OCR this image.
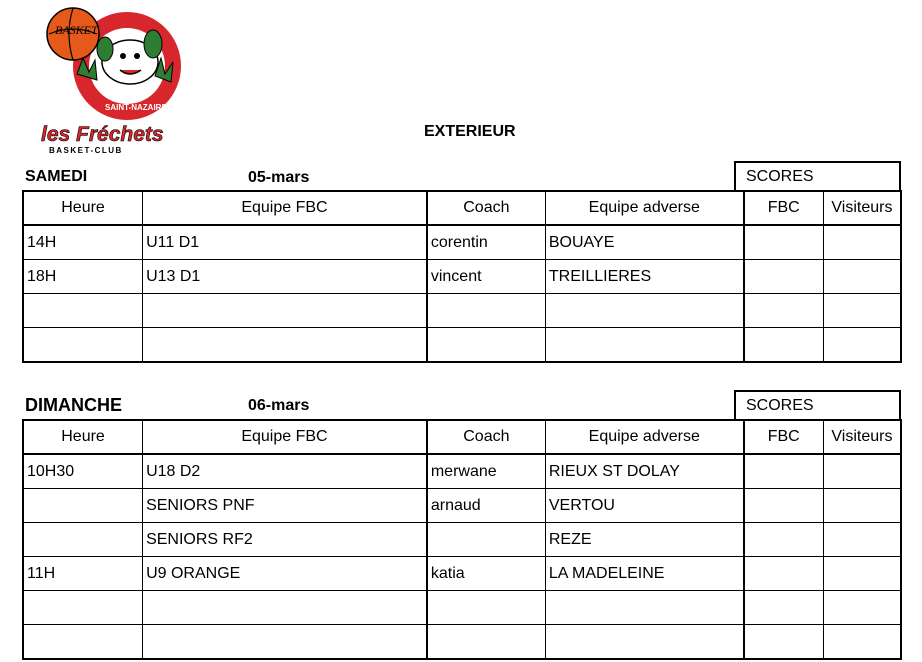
BASKET
SAINT-NAZAIRE
les Fréchets
BASKET-CLUB
EXTERIEUR
SAMEDI	05-mars	SCORES
Heure	Equipe FBC	Coach	Equipe adverse	FBC	Visiteurs
14H	U11 D1	corentin	BOUAYE		
18H	U13 D1	vincent	TREILLIERES		

DIMANCHE	06-mars	SCORES
Heure	Equipe FBC	Coach	Equipe adverse	FBC	Visiteurs
10H30	U18 D2	merwane	RIEUX ST DOLAY		
	SENIORS PNF	arnaud	VERTOU		
	SENIORS RF2		REZE		
11H	U9 ORANGE	katia	LA MADELEINE		
